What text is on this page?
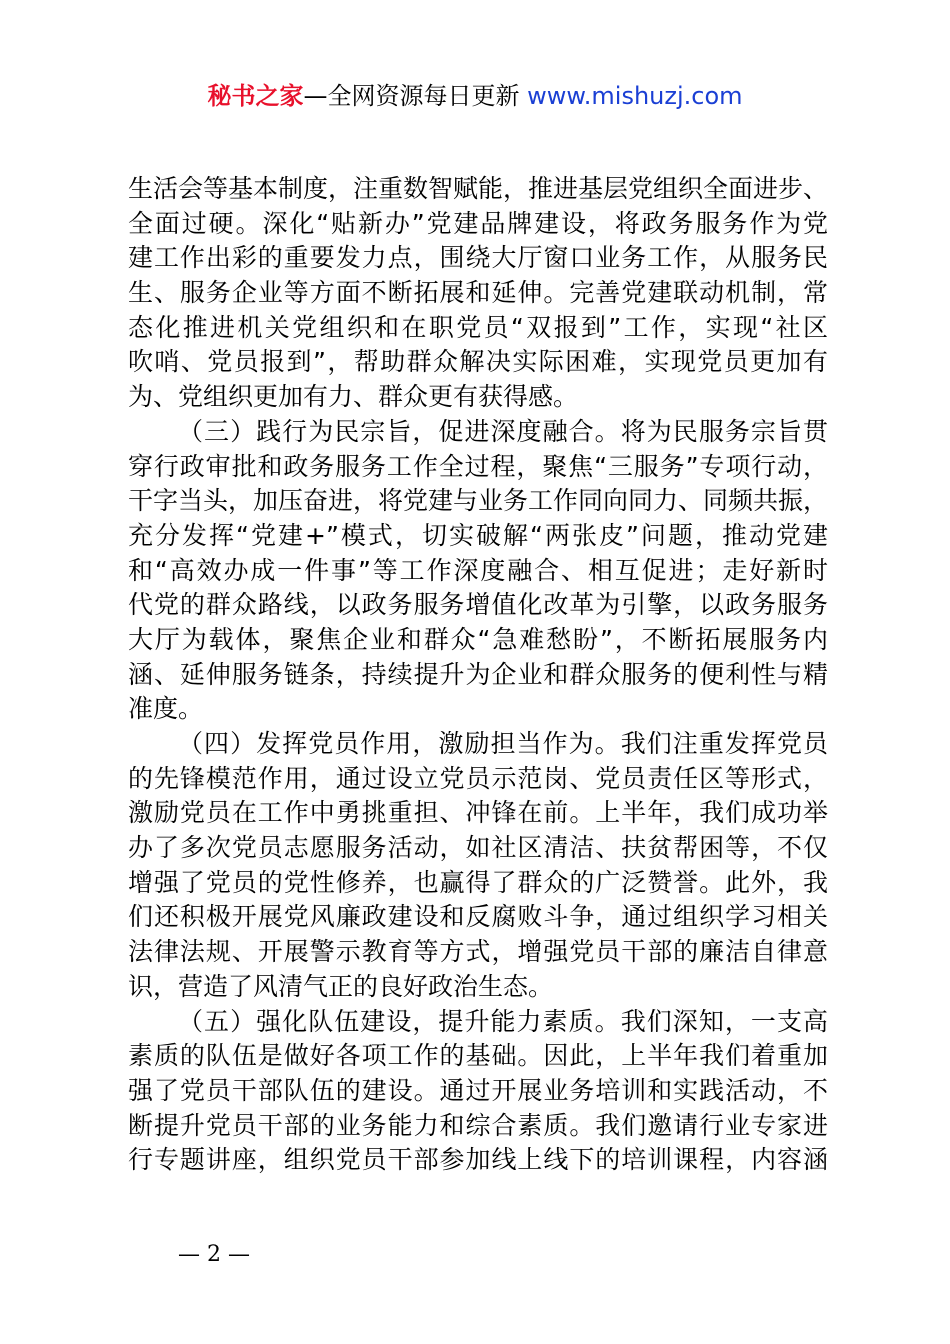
秘书之家—全网资源每日更新 www.mishuzj.com
生活会等基本制度，注重数智赋能，推进基层党组织全面进步、
全面过硬。深化“贴新办”党建品牌建设，将政务服务作为党
建工作出彩的重要发力点，围绕大厅窗口业务工作，从服务民
生、服务企业等方面不断拓展和延伸。完善党建联动机制，常
态化推进机关党组织和在职党员“双报到”工作，实现“社区
吹哨、党员报到”，帮助群众解决实际困难，实现党员更加有
为、党组织更加有力、群众更有获得感。
（三）践行为民宗旨，促进深度融合。将为民服务宗旨贯
穿行政审批和政务服务工作全过程，聚焦“三服务”专项行动，
干字当头，加压奋进，将党建与业务工作同向同力、同频共振，
充分发挥“党建+”模式，切实破解“两张皮”问题，推动党建
和“高效办成一件事”等工作深度融合、相互促进；走好新时
代党的群众路线，以政务服务增值化改革为引擎，以政务服务
大厅为载体，聚焦企业和群众“急难愁盼”，不断拓展服务内
涵、延伸服务链条，持续提升为企业和群众服务的便利性与精
准度。
（四）发挥党员作用，激励担当作为。我们注重发挥党员
的先锋模范作用，通过设立党员示范岗、党员责任区等形式，
激励党员在工作中勇挑重担、冲锋在前。上半年，我们成功举
办了多次党员志愿服务活动，如社区清洁、扶贫帮困等，不仅
增强了党员的党性修养，也赢得了群众的广泛赞誉。此外，我
们还积极开展党风廉政建设和反腐败斗争，通过组织学习相关
法律法规、开展警示教育等方式，增强党员干部的廉洁自律意
识，营造了风清气正的良好政治生态。
（五）强化队伍建设，提升能力素质。我们深知，一支高
素质的队伍是做好各项工作的基础。因此，上半年我们着重加
强了党员干部队伍的建设。通过开展业务培训和实践活动，不
断提升党员干部的业务能力和综合素质。我们邀请行业专家进
行专题讲座，组织党员干部参加线上线下的培训课程，内容涵
— 2 —
